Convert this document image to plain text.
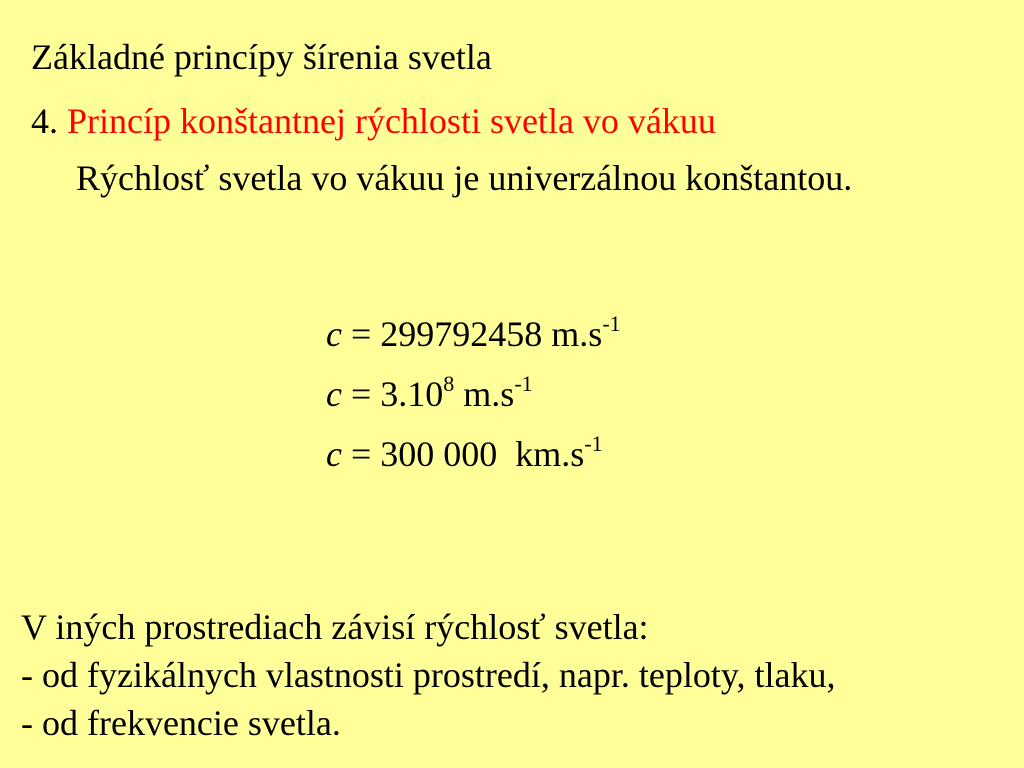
Základné princípy šírenia svetla
4. Princíp konštantnej rýchlosti svetla vo vákuu
Rýchlosť svetla vo vákuu je univerzálnou konštantou.
c = 299792458 $m.s^{-1}$
$c = 3.10^8$ $m.s^{-1}$
c = 300 000  $km.s^{-1}$
V iných prostrediach závisí rýchlosť svetla:
- od fyzikálnych vlastnosti prostredí, napr. teploty, tlaku,
- od frekvencie svetla.
